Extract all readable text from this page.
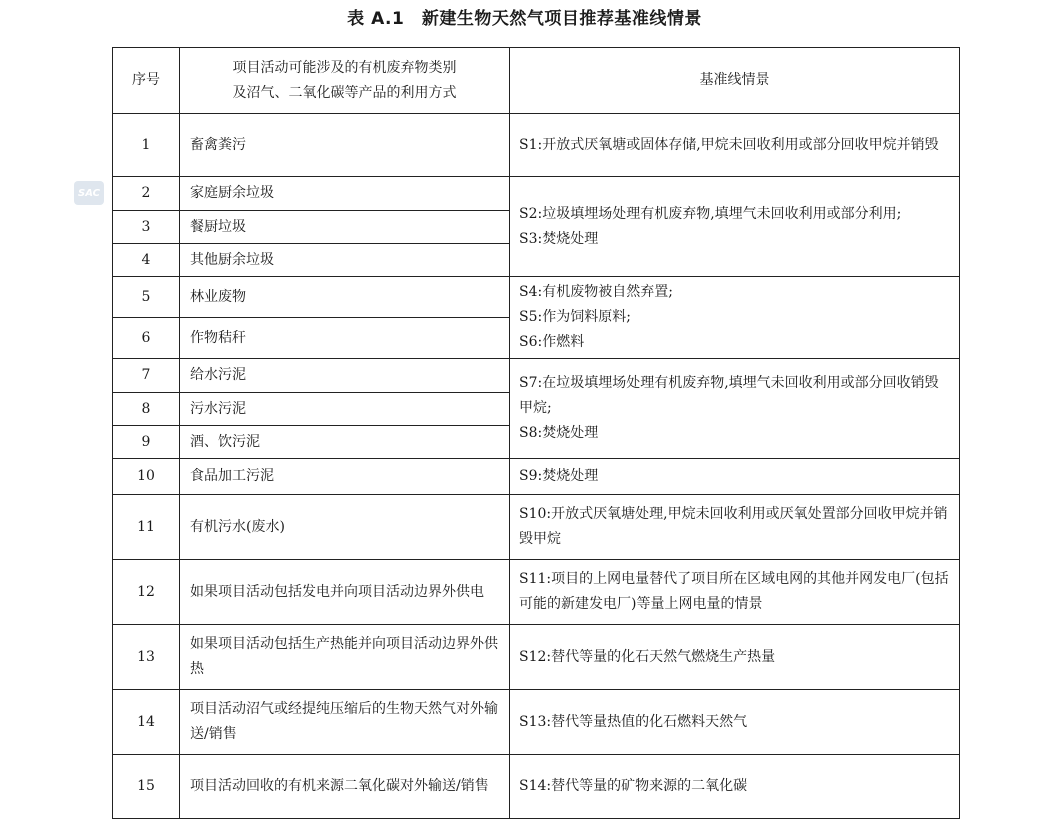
表 A.1　新建生物天然气项目推荐基准线情景
SAC
序号	项目活动可能涉及的有机废弃物类别
及沼气、二氧化碳等产品的利用方式	基准线情景
1	畜禽粪污	S1:开放式厌氧塘或固体存储,甲烷未回收利用或部分回收甲烷并销毁
2	家庭厨余垃圾	S2:垃圾填埋场处理有机废弃物,填埋气未回收利用或部分利用;
S3:焚烧处理

3	餐厨垃圾	
4	其他厨余垃圾	
5	林业废物	S4:有机废物被自然弃置;
S5:作为饲料原料;
S6:作燃料

6	作物秸秆	
7	给水污泥	S7:在垃圾填埋场处理有机废弃物,填埋气未回收利用或部分回收销毁甲烷;
S8:焚烧处理

8	污水污泥	
9	酒、饮污泥	
10	食品加工污泥	S9:焚烧处理
11	有机污水(废水)	S10:开放式厌氧塘处理,甲烷未回收利用或厌氧处置部分回收甲烷并销毁甲烷
12	如果项目活动包括发电并向项目活动边界外供电	S11:项目的上网电量替代了项目所在区域电网的其他并网发电厂(包括可能的新建发电厂)等量上网电量的情景
13	如果项目活动包括生产热能并向项目活动边界外供热	S12:替代等量的化石天然气燃烧生产热量
14	项目活动沼气或经提纯压缩后的生物天然气对外输送/销售	S13:替代等量热值的化石燃料天然气
15	项目活动回收的有机来源二氧化碳对外输送/销售	S14:替代等量的矿物来源的二氧化碳
